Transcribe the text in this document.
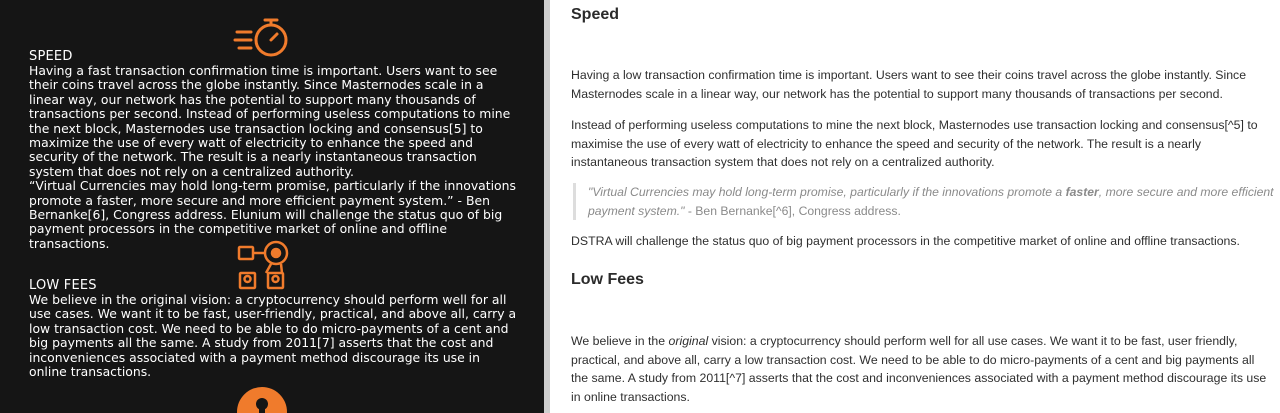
SPEED
Having a fast transaction confirmation time is important. Users want to see their coins travel across the globe instantly. Since Masternodes scale in a linear way, our network has the potential to support many thousands of transactions per second. Instead of performing useless computations to mine the next block, Masternodes use transaction locking and consensus[5] to maximize the use of every watt of electricity to enhance the speed and security of the network. The result is a nearly instantaneous transaction system that does not rely on a centralized authority.
“Virtual Currencies may hold long-term promise, particularly if the innovations promote a faster, more secure and more efficient payment system.” - Ben Bernanke[6], Congress address. Elunium will challenge the status quo of big payment processors in the competitive market of online and offline transactions.
LOW FEES
We believe in the original vision: a cryptocurrency should perform well for all use cases. We want it to be fast, user-friendly, practical, and above all, carry a low transaction cost. We need to be able to do micro-payments of a cent and big payments all the same. A study from 2011[7] asserts that the cost and inconveniences associated with a payment method discourage its use in online transactions.
Speed
Having a low transaction confirmation time is important. Users want to see their coins travel across the globe instantly. Since Masternodes scale in a linear way, our network has the potential to support many thousands of transactions per second.
Instead of performing useless computations to mine the next block, Masternodes use transaction locking and consensus[^5] to maximise the use of every watt of electricity to enhance the speed and security of the network. The result is a nearly instantaneous transaction system that does not rely on a centralized authority.
"Virtual Currencies may hold long-term promise, particularly if the innovations promote a faster, more secure and more efficient payment system." - Ben Bernanke[^6], Congress address.
DSTRA will challenge the status quo of big payment processors in the competitive market of online and offline transactions.
Low Fees
We believe in the original vision: a cryptocurrency should perform well for all use cases. We want it to be fast, user friendly, practical, and above all, carry a low transaction cost. We need to be able to do micro-payments of a cent and big payments all the same. A study from 2011[^7] asserts that the cost and inconveniences associated with a payment method discourage its use in online transactions.
